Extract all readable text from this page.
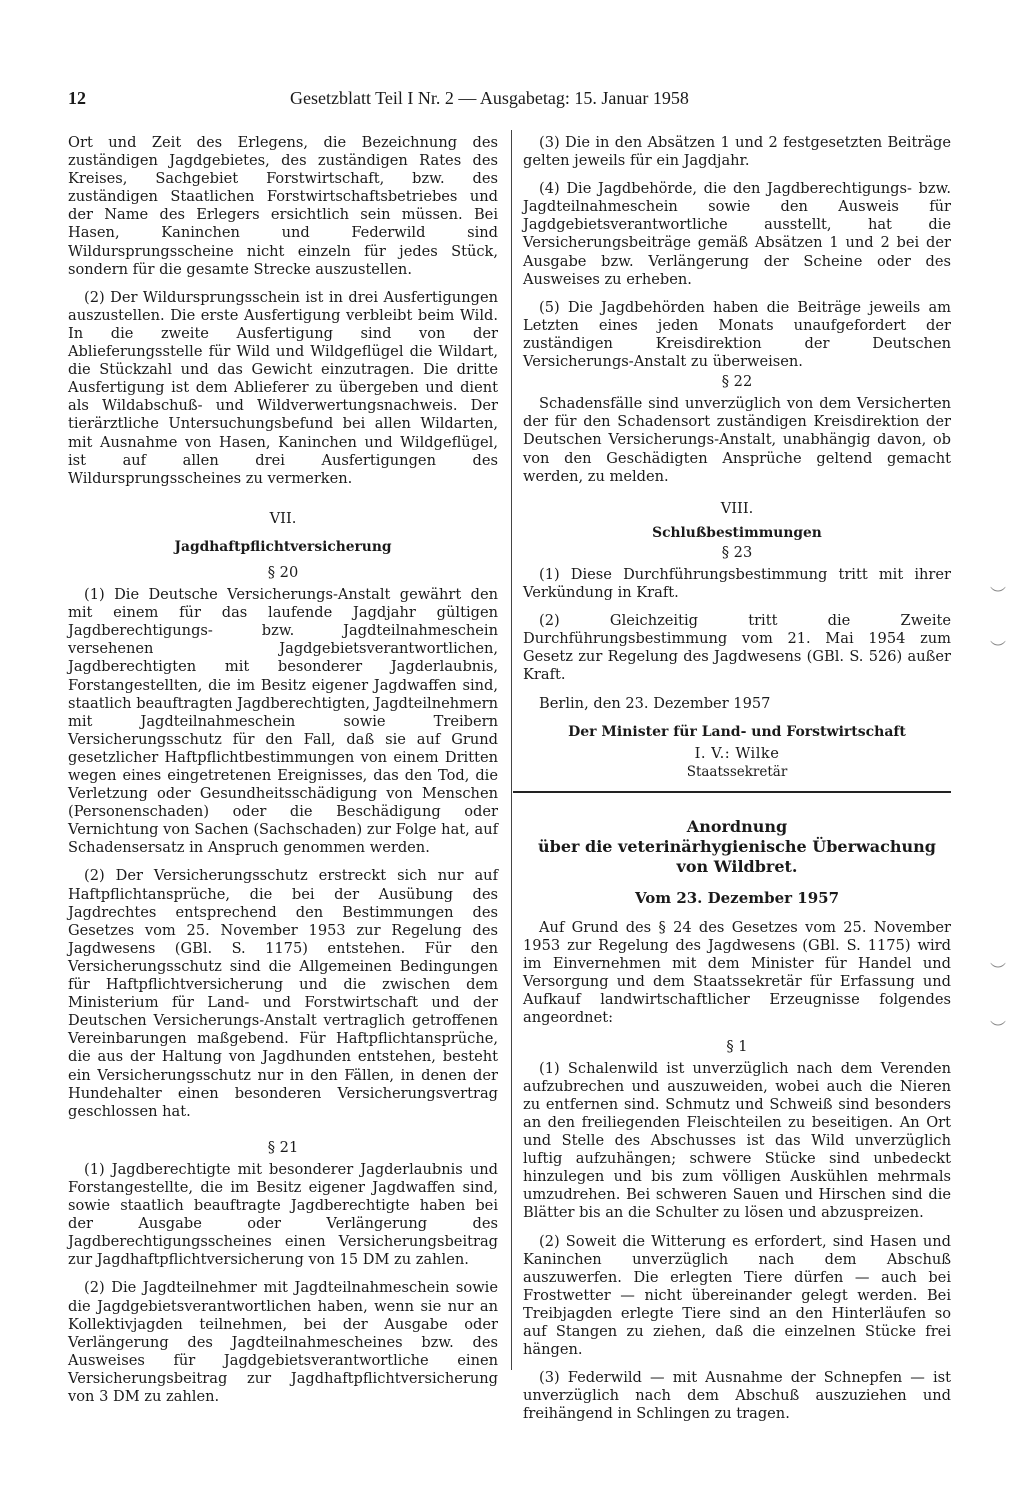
12	Gesetzblatt Teil I Nr. 2 — Ausgabetag: 15. Januar 1958

Ort und Zeit des Erlegens, die Bezeichnung des zuständigen Jagdgebietes, des zuständigen Rates des Kreises, Sachgebiet Forstwirtschaft, bzw. des zuständigen Staatlichen Forstwirtschaftsbetriebes und der Name des Erlegers ersichtlich sein müssen. Bei Hasen, Kaninchen und Federwild sind Wildursprungsscheine nicht einzeln für jedes Stück, sondern für die gesamte Strecke auszustellen.

(2) Der Wildursprungsschein ist in drei Ausfertigungen auszustellen. Die erste Ausfertigung verbleibt beim Wild. In die zweite Ausfertigung sind von der Ablieferungsstelle für Wild und Wildgeflügel die Wildart, die Stückzahl und das Gewicht einzutragen. Die dritte Ausfertigung ist dem Ablieferer zu übergeben und dient als Wildabschuß- und Wildverwertungsnachweis. Der tierärztliche Untersuchungsbefund bei allen Wildarten, mit Ausnahme von Hasen, Kaninchen und Wildgeflügel, ist auf allen drei Ausfertigungen des Wildursprungsscheines zu vermerken.

VII.
Jagdhaftpflichtversicherung
§ 20

(1) Die Deutsche Versicherungs-Anstalt gewährt den mit einem für das laufende Jagdjahr gültigen Jagdberechtigungs- bzw. Jagdteilnahmeschein versehenen Jagdgebietsverantwortlichen, Jagdberechtigten mit besonderer Jagderlaubnis, Forstangestellten, die im Besitz eigener Jagdwaffen sind, staatlich beauftragten Jagdberechtigten, Jagdteilnehmern mit Jagdteilnahmeschein sowie Treibern Versicherungsschutz für den Fall, daß sie auf Grund gesetzlicher Haftpflichtbestimmungen von einem Dritten wegen eines eingetretenen Ereignisses, das den Tod, die Verletzung oder Gesundheitsschädigung von Menschen (Personenschaden) oder die Beschädigung oder Vernichtung von Sachen (Sachschaden) zur Folge hat, auf Schadensersatz in Anspruch genommen werden.

(2) Der Versicherungsschutz erstreckt sich nur auf Haftpflichtansprüche, die bei der Ausübung des Jagdrechtes entsprechend den Bestimmungen des Gesetzes vom 25. November 1953 zur Regelung des Jagdwesens (GBl. S. 1175) entstehen. Für den Versicherungsschutz sind die Allgemeinen Bedingungen für Haftpflichtversicherung und die zwischen dem Ministerium für Land- und Forstwirtschaft und der Deutschen Versicherungs-Anstalt vertraglich getroffenen Vereinbarungen maßgebend. Für Haftpflichtansprüche, die aus der Haltung von Jagdhunden entstehen, besteht ein Versicherungsschutz nur in den Fällen, in denen der Hundehalter einen besonderen Versicherungsvertrag geschlossen hat.

§ 21

(1) Jagdberechtigte mit besonderer Jagderlaubnis und Forstangestellte, die im Besitz eigener Jagdwaffen sind, sowie staatlich beauftragte Jagdberechtigte haben bei der Ausgabe oder Verlängerung des Jagdberechtigungsscheines einen Versicherungsbeitrag zur Jagdhaftpflichtversicherung von 15 DM zu zahlen.

(2) Die Jagdteilnehmer mit Jagdteilnahmeschein sowie die Jagdgebietsverantwortlichen haben, wenn sie nur an Kollektivjagden teilnehmen, bei der Ausgabe oder Verlängerung des Jagdteilnahmescheines bzw. des Ausweises für Jagdgebietsverantwortliche einen Versicherungsbeitrag zur Jagdhaftpflichtversicherung von 3 DM zu zahlen.

(3) Die in den Absätzen 1 und 2 festgesetzten Beiträge gelten jeweils für ein Jagdjahr.

(4) Die Jagdbehörde, die den Jagdberechtigungs- bzw. Jagdteilnahmeschein sowie den Ausweis für Jagdgebietsverantwortliche ausstellt, hat die Versicherungsbeiträge gemäß Absätzen 1 und 2 bei der Ausgabe bzw. Verlängerung der Scheine oder des Ausweises zu erheben.

(5) Die Jagdbehörden haben die Beiträge jeweils am Letzten eines jeden Monats unaufgefordert der zuständigen Kreisdirektion der Deutschen Versicherungs-Anstalt zu überweisen.

§ 22

Schadensfälle sind unverzüglich von dem Versicherten der für den Schadensort zuständigen Kreisdirektion der Deutschen Versicherungs-Anstalt, unabhängig davon, ob von den Geschädigten Ansprüche geltend gemacht werden, zu melden.

VIII.
Schlußbestimmungen
§ 23

(1) Diese Durchführungsbestimmung tritt mit ihrer Verkündung in Kraft.

(2) Gleichzeitig tritt die Zweite Durchführungsbestimmung vom 21. Mai 1954 zum Gesetz zur Regelung des Jagdwesens (GBl. S. 526) außer Kraft.

Berlin, den 23. Dezember 1957

Der Minister für Land- und Forstwirtschaft
I. V.: Wilke
Staatssekretär
Anordnung
über die veterinärhygienische Überwachung
von Wildbret.
Vom 23. Dezember 1957

Auf Grund des § 24 des Gesetzes vom 25. November 1953 zur Regelung des Jagdwesens (GBl. S. 1175) wird im Einvernehmen mit dem Minister für Handel und Versorgung und dem Staatssekretär für Erfassung und Aufkauf landwirtschaftlicher Erzeugnisse folgendes angeordnet:

§ 1

(1) Schalenwild ist unverzüglich nach dem Verenden aufzubrechen und auszuweiden, wobei auch die Nieren zu entfernen sind. Schmutz und Schweiß sind besonders an den freiliegenden Fleischteilen zu beseitigen. An Ort und Stelle des Abschusses ist das Wild unverzüglich luftig aufzuhängen; schwere Stücke sind unbedeckt hinzulegen und bis zum völligen Auskühlen mehrmals umzudrehen. Bei schweren Sauen und Hirschen sind die Blätter bis an die Schulter zu lösen und abzuspreizen.

(2) Soweit die Witterung es erfordert, sind Hasen und Kaninchen unverzüglich nach dem Abschuß auszuwerfen. Die erlegten Tiere dürfen — auch bei Frostwetter — nicht übereinander gelegt werden. Bei Treibjagden erlegte Tiere sind an den Hinterläufen so auf Stangen zu ziehen, daß die einzelnen Stücke frei hängen.

(3) Federwild — mit Ausnahme der Schnepfen — ist unverzüglich nach dem Abschuß auszuziehen und freihängend in Schlingen zu tragen.

︶
︶
︶
︶
